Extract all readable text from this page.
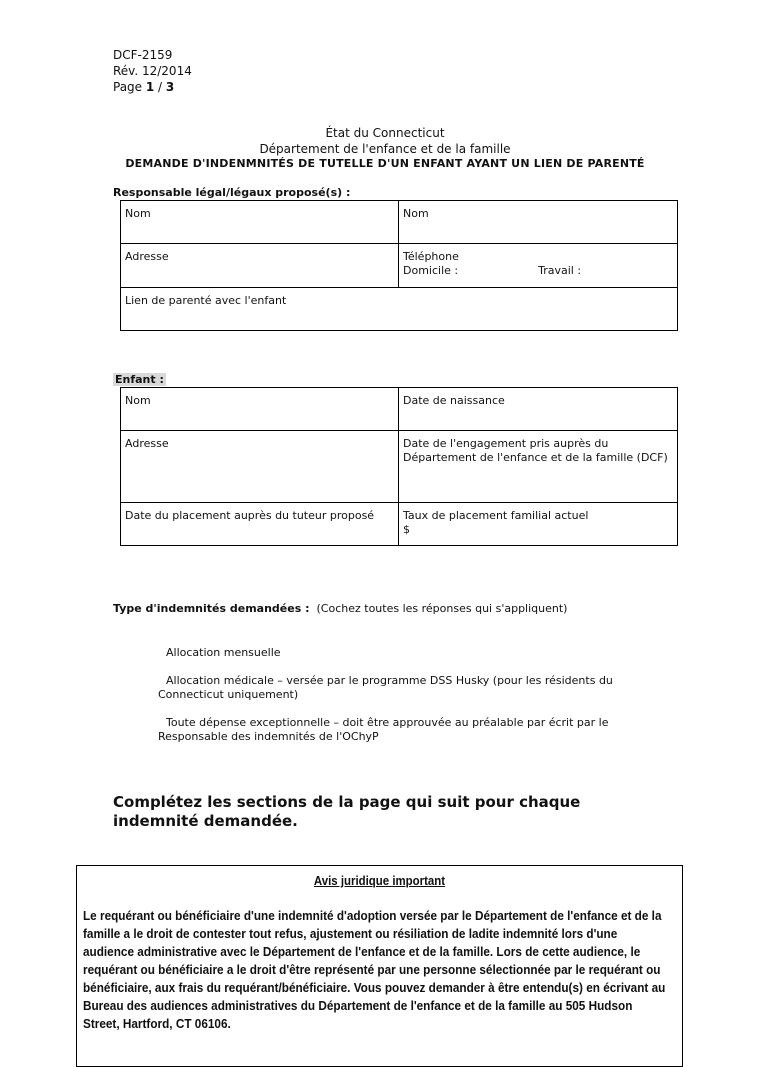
DCF-2159
Rév. 12/2014
Page 1 / 3
État du Connecticut
Département de l'enfance et de la famille
DEMANDE D'INDENMNITÉS DE TUTELLE D'UN ENFANT AYANT UN LIEN DE PARENTÉ
Responsable légal/légaux proposé(s) :
Nom	Nom
Adresse	Téléphone
Domicile : Travail :

Lien de parenté avec l'enfant	
Enfant :
Nom	Date de naissance
Adresse	Date de l'engagement pris auprès du Département de l'enfance et de la famille (DCF)
Date du placement auprès du tuteur proposé	Taux de placement familial actuel
$
Type d'indemnités demandées : (Cochez toutes les réponses qui s'appliquent)
Allocation mensuelle
Allocation médicale – versée par le programme DSS Husky (pour les résidents du Connecticut uniquement)
Toute dépense exceptionnelle – doit être approuvée au préalable par écrit par le Responsable des indemnités de l'OChyP
Complétez les sections de la page qui suit pour chaque indemnité demandée.
Avis juridique important
Le requérant ou bénéficiaire d'une indemnité d'adoption versée par le Département de l'enfance et de la famille a le droit de contester tout refus, ajustement ou résiliation de ladite indemnité lors d'une audience administrative avec le Département de l'enfance et de la famille. Lors de cette audience, le requérant ou bénéficiaire a le droit d'être représenté par une personne sélectionnée par le requérant ou bénéficiaire, aux frais du requérant/bénéficiaire. Vous pouvez demander à être entendu(s) en écrivant au Bureau des audiences administratives du Département de l'enfance et de la famille au 505 Hudson Street, Hartford, CT 06106.
